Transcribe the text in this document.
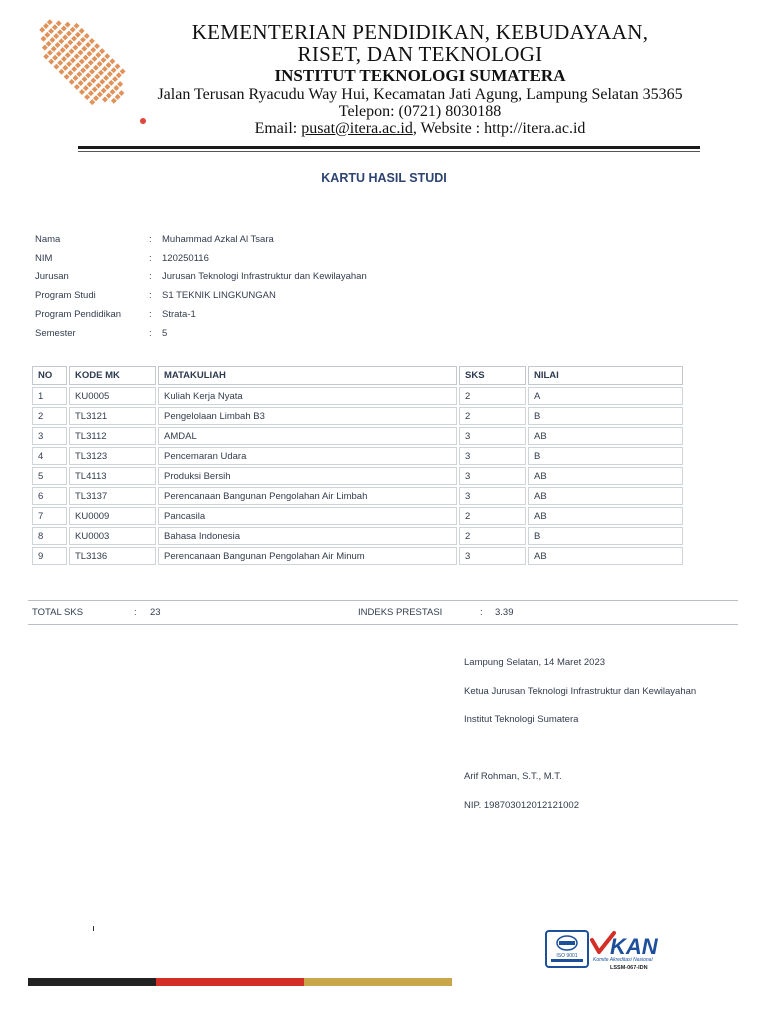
KEMENTERIAN PENDIDIKAN, KEBUDAYAAN,
RISET, DAN TEKNOLOGI
INSTITUT TEKNOLOGI SUMATERA
Jalan Terusan Ryacudu Way Hui, Kecamatan Jati Agung, Lampung Selatan 35365
Telepon: (0721) 8030188
Email: pusat@itera.ac.id, Website : http://itera.ac.id
KARTU HASIL STUDI
Nama	: Muhammad Azkal Al Tsara
NIM	: 120250116
Jurusan	: Jurusan Teknologi Infrastruktur dan Kewilayahan
Program Studi	: S1 TEKNIK LINGKUNGAN
Program Pendidikan	: Strata-1
Semester	: 5
NO	KODE MK	MATAKULIAH	SKS	NILAI
1	KU0005	Kuliah Kerja Nyata	2	A
2	TL3121	Pengelolaan Limbah B3	2	B
3	TL3112	AMDAL	3	AB
4	TL3123	Pencemaran Udara	3	B
5	TL4113	Produksi Bersih	3	AB
6	TL3137	Perencanaan Bangunan Pengolahan Air Limbah	3	AB
7	KU0009	Pancasila	2	AB
8	KU0003	Bahasa Indonesia	2	B
9	TL3136	Perencanaan Bangunan Pengolahan Air Minum	3	AB
TOTAL SKS	: 23	INDEKS PRESTASI	: 3.39
Lampung Selatan, 14 Maret 2023
Ketua Jurusan Teknologi Infrastruktur dan Kewilayahan
Institut Teknologi Sumatera
Arif Rohman, S.T., M.T.
NIP. 198703012012121002
ISO 9001 KAN
Komite Akreditasi Nasional
LSSM-067-IDN
